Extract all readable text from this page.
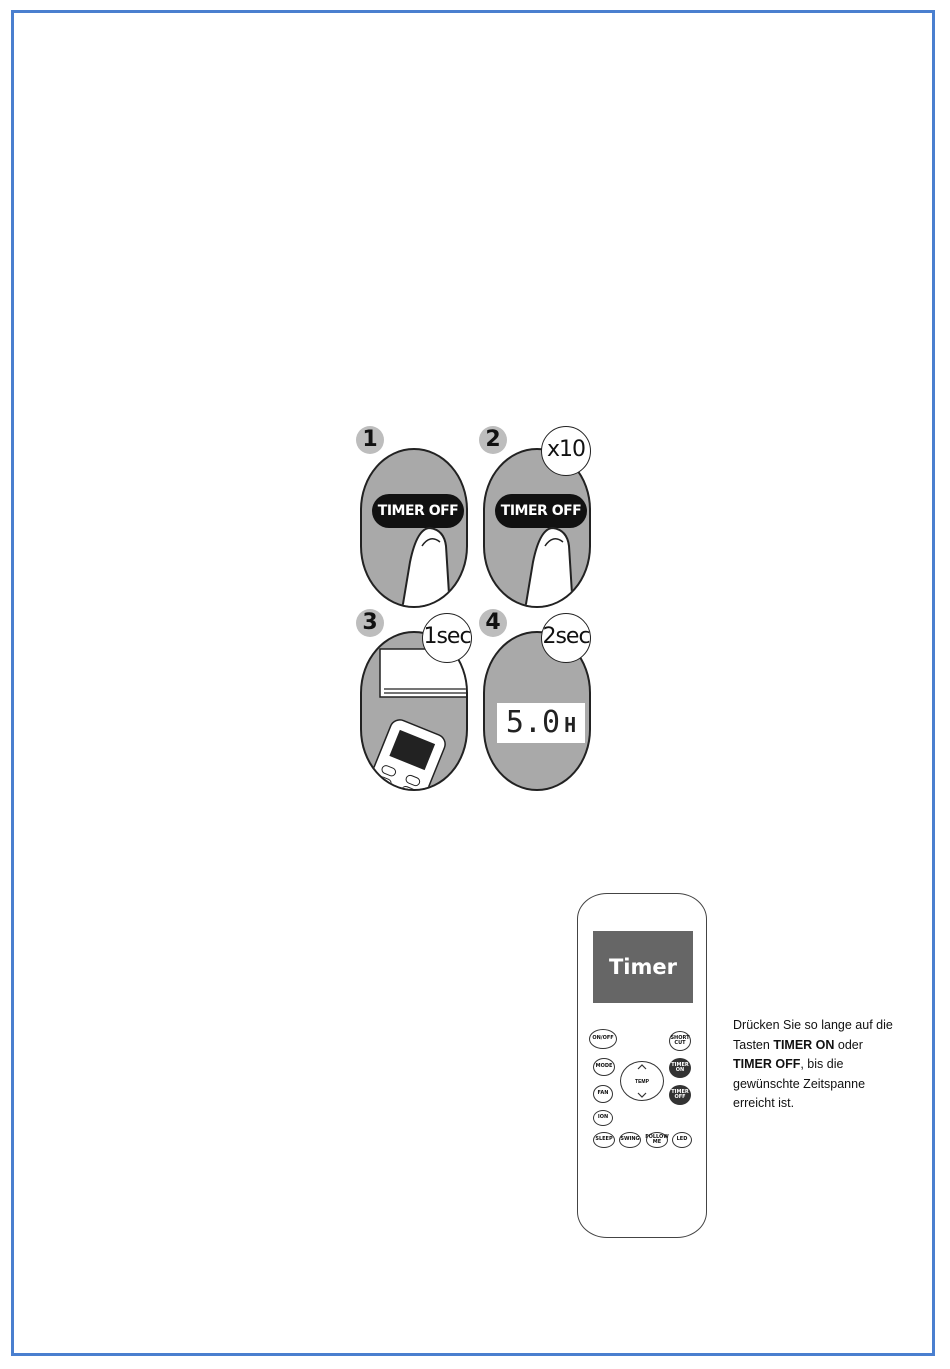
TIMER OFF
1
TIMER OFF
2 x10
3
1sec
5.0 H
4
2sec
Timer on
ON/OFF	SHORT CUT
MODE	TIMER ON
TEMP
FAN	TIMER OFF
ION
SLEEP	SWING FOLLOW ME	LED
Drücken Sie so lange auf die Tasten TIMER ON oder TIMER OFF, bis die gewünschte Zeitspanne erreicht ist.
